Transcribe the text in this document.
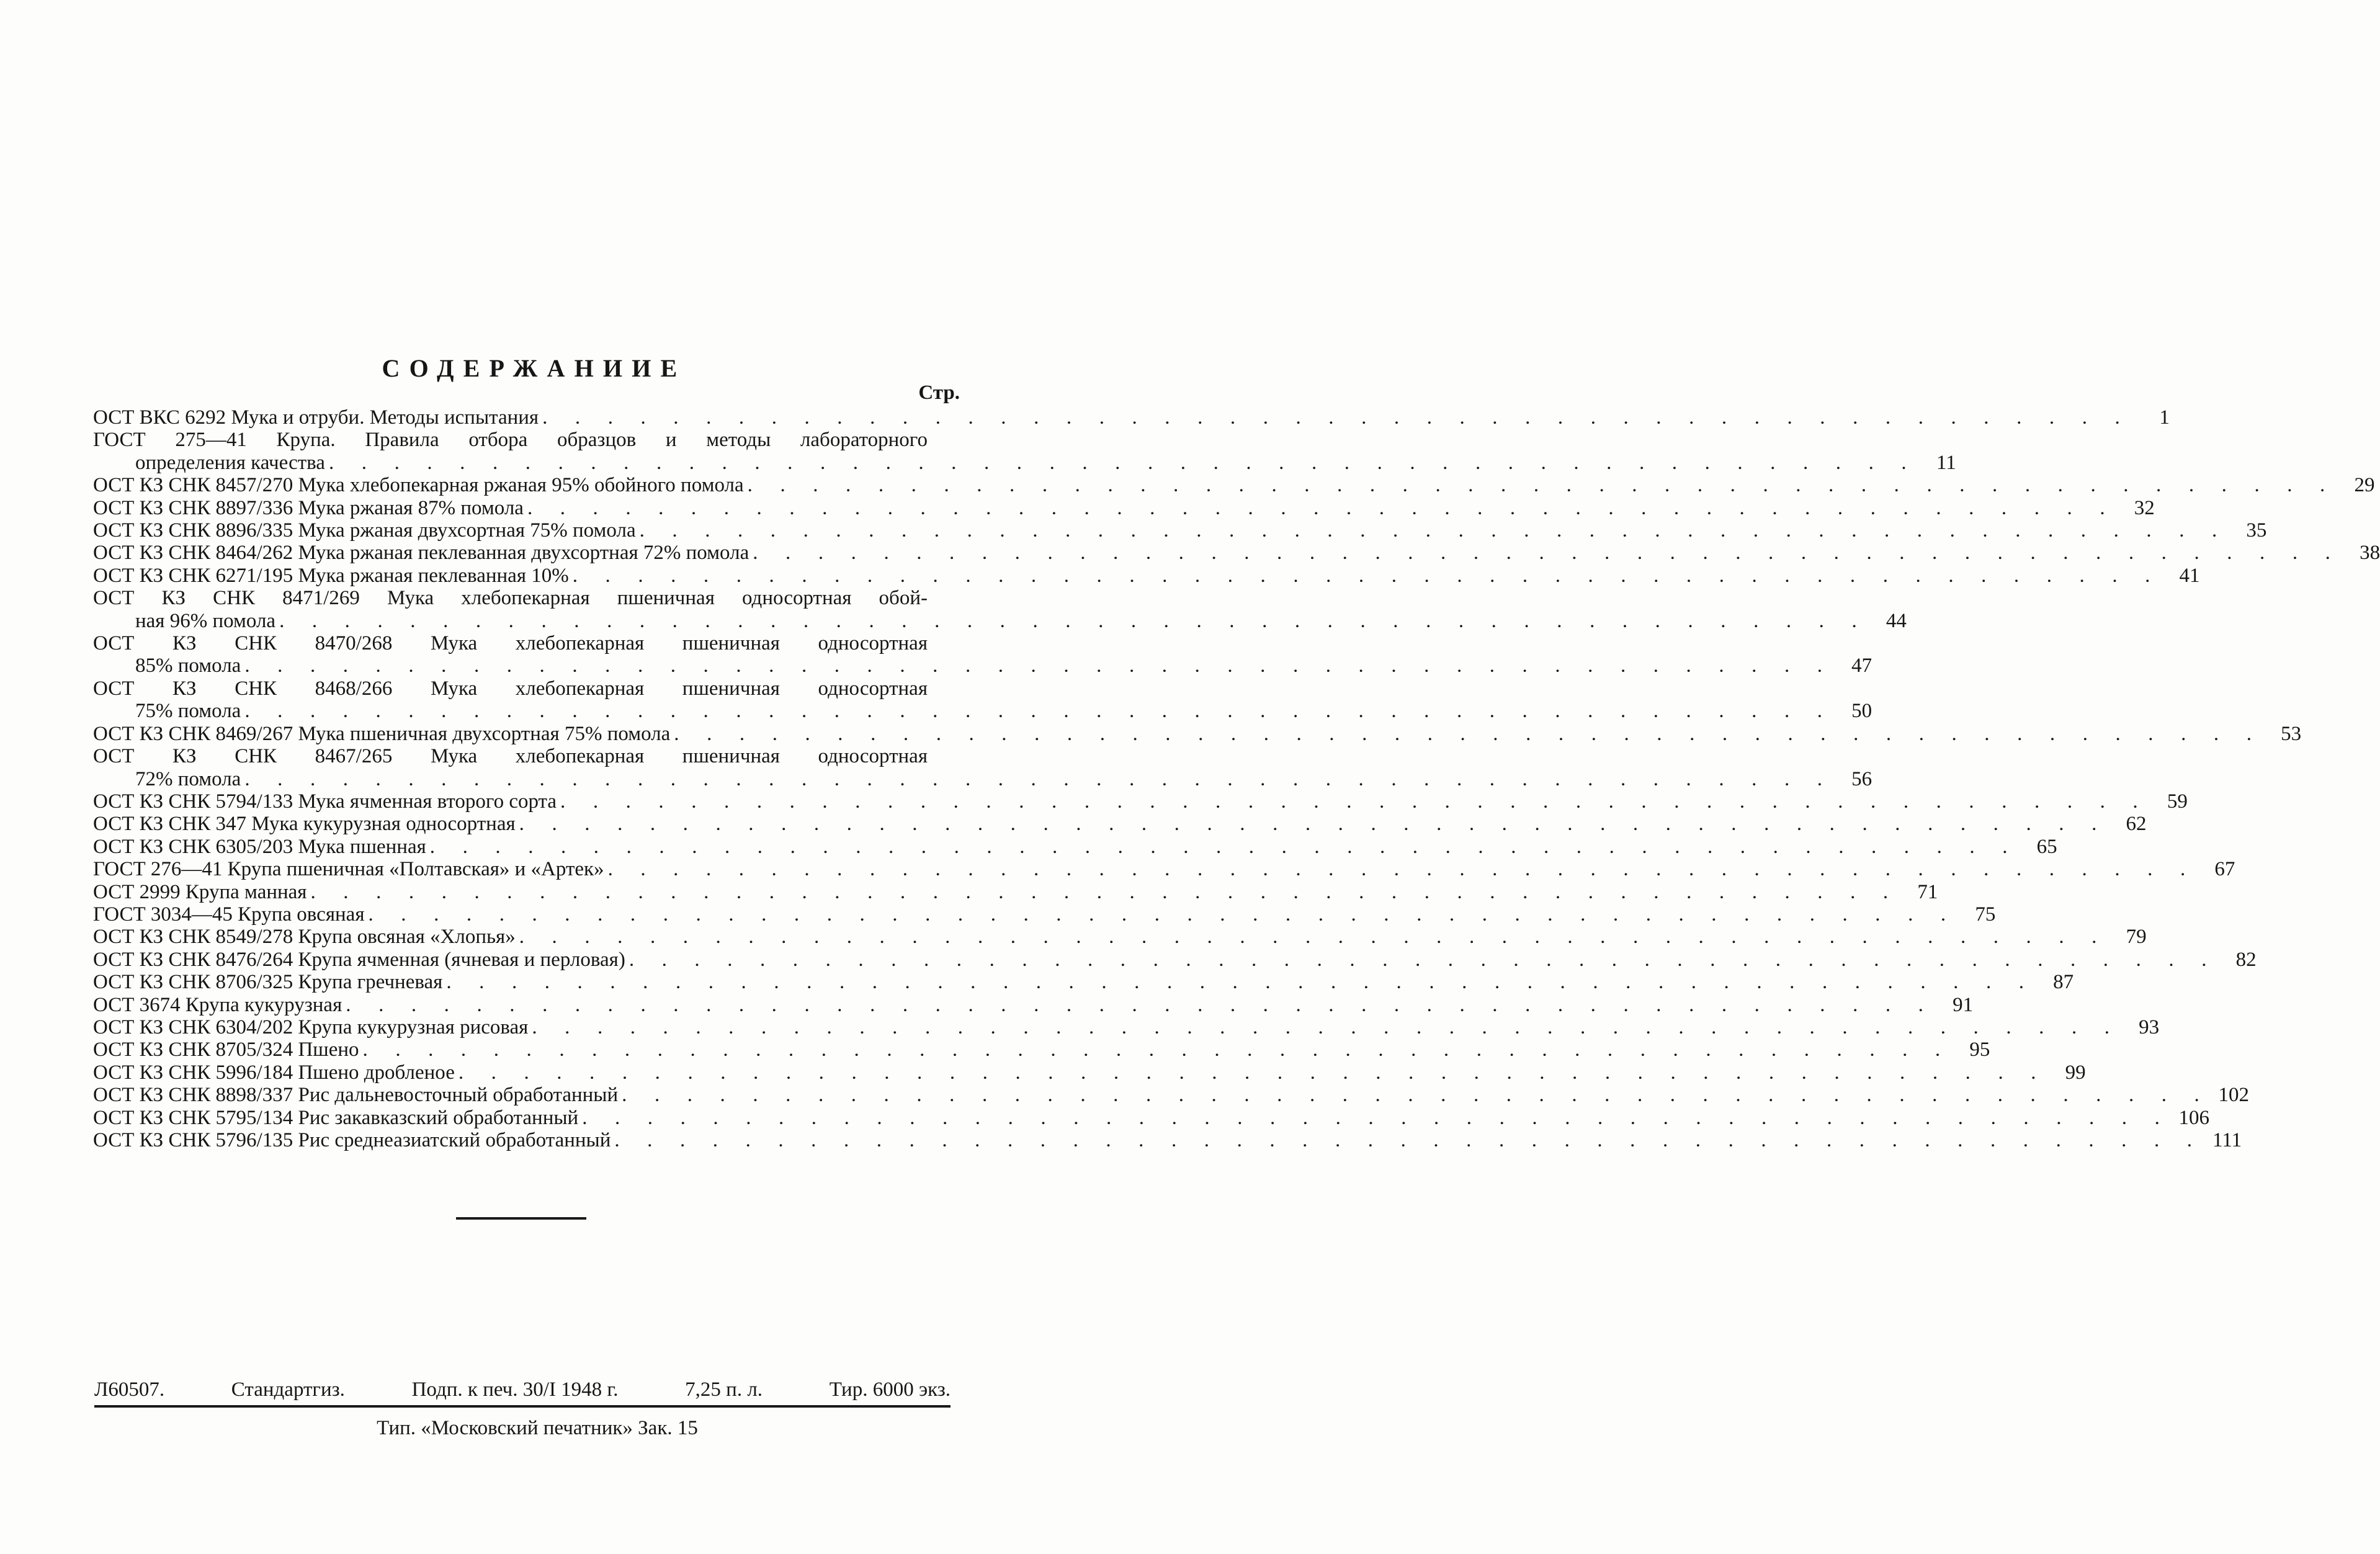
СОДЕРЖАНИИЕ
Стр.
ОСТ ВКС 6292 Мука и отруби. Методы испытания . . . . . . . . . . . . . . . . . . . . . . . . . . . . . . . . . . . . . . . . . . . . . . . . .	1
ГОСТ 275—41 Крупа. Правила отбора образцов и методы лабораторного
определения качества . . . . . . . . . . . . . . . . . . . . . . . . . . . . . . . . . . . . . . . . . . . . . . . . . 11
ОСТ КЗ СНК 8457/270 Мука хлебопекарная ржаная 95% обойного помола . . . . . . . . . . . . . . . . . . . . . . . . . . . . . . . . . . . . . . . . . . . . . . . . . 29
ОСТ КЗ СНК 8897/336 Мука ржаная 87% помола . . . . . . . . . . . . . . . . . . . . . . . . . . . . . . . . . . . . . . . . . . . . . . . . . 32
ОСТ КЗ СНК 8896/335 Мука ржаная двухсортная 75% помола . . . . . . . . . . . . . . . . . . . . . . . . . . . . . . . . . . . . . . . . . . . . . . . . . 35
ОСТ КЗ СНК 8464/262 Мука ржаная пеклеванная двухсортная 72% помола . . . . . . . . . . . . . . . . . . . . . . . . . . . . . . . . . . . . . . . . . . . . . . . . . 38
ОСТ КЗ СНК 6271/195 Мука ржаная пеклеванная 10% . . . . . . . . . . . . . . . . . . . . . . . . . . . . . . . . . . . . . . . . . . . . . . . . . 41
ОСТ КЗ СНК 8471/269 Мука хлебопекарная пшеничная односортная обой-
ная 96% помола . . . . . . . . . . . . . . . . . . . . . . . . . . . . . . . . . . . . . . . . . . . . . . . . . 44
ОСТ КЗ СНК 8470/268 Мука хлебопекарная пшеничная односортная
85% помола . . . . . . . . . . . . . . . . . . . . . . . . . . . . . . . . . . . . . . . . . . . . . . . . . 47
ОСТ КЗ СНК 8468/266 Мука хлебопекарная пшеничная односортная
75% помола . . . . . . . . . . . . . . . . . . . . . . . . . . . . . . . . . . . . . . . . . . . . . . . . . 50
ОСТ КЗ СНК 8469/267 Мука пшеничная двухсортная 75% помола . . . . . . . . . . . . . . . . . . . . . . . . . . . . . . . . . . . . . . . . . . . . . . . . . 53
ОСТ КЗ СНК 8467/265 Мука хлебопекарная пшеничная односортная
72% помола . . . . . . . . . . . . . . . . . . . . . . . . . . . . . . . . . . . . . . . . . . . . . . . . . 56
ОСТ КЗ СНК 5794/133 Мука ячменная второго сорта . . . . . . . . . . . . . . . . . . . . . . . . . . . . . . . . . . . . . . . . . . . . . . . . . 59
ОСТ КЗ СНК 347 Мука кукурузная односортная . . . . . . . . . . . . . . . . . . . . . . . . . . . . . . . . . . . . . . . . . . . . . . . . . 62
ОСТ КЗ СНК 6305/203 Мука пшенная . . . . . . . . . . . . . . . . . . . . . . . . . . . . . . . . . . . . . . . . . . . . . . . . . 65
ГОСТ 276—41 Крупа пшеничная «Полтавская» и «Артек» . . . . . . . . . . . . . . . . . . . . . . . . . . . . . . . . . . . . . . . . . . . . . . . . . 67
ОСТ 2999 Крупа манная . . . . . . . . . . . . . . . . . . . . . . . . . . . . . . . . . . . . . . . . . . . . . . . . . 71
ГОСТ 3034—45 Крупа овсяная . . . . . . . . . . . . . . . . . . . . . . . . . . . . . . . . . . . . . . . . . . . . . . . . . 75
ОСТ КЗ СНК 8549/278 Крупа овсяная «Хлопья» . . . . . . . . . . . . . . . . . . . . . . . . . . . . . . . . . . . . . . . . . . . . . . . . . 79
ОСТ КЗ СНК 8476/264 Крупа ячменная (ячневая и перловая) . . . . . . . . . . . . . . . . . . . . . . . . . . . . . . . . . . . . . . . . . . . . . . . . . 82
ОСТ КЗ СНК 8706/325 Крупа гречневая . . . . . . . . . . . . . . . . . . . . . . . . . . . . . . . . . . . . . . . . . . . . . . . . . 87
ОСТ 3674 Крупа кукурузная . . . . . . . . . . . . . . . . . . . . . . . . . . . . . . . . . . . . . . . . . . . . . . . . . 91
ОСТ КЗ СНК 6304/202 Крупа кукурузная рисовая . . . . . . . . . . . . . . . . . . . . . . . . . . . . . . . . . . . . . . . . . . . . . . . . . 93
ОСТ КЗ СНК 8705/324 Пшено . . . . . . . . . . . . . . . . . . . . . . . . . . . . . . . . . . . . . . . . . . . . . . . . . 95
ОСТ КЗ СНК 5996/184 Пшено дробленое . . . . . . . . . . . . . . . . . . . . . . . . . . . . . . . . . . . . . . . . . . . . . . . . . 99
ОСТ КЗ СНК 8898/337 Рис дальневосточный обработанный . . . . . . . . . . . . . . . . . . . . . . . . . . . . . . . . . . . . . . . . . . . . . . . . . 102
ОСТ КЗ СНК 5795/134 Рис закавказский обработанный . . . . . . . . . . . . . . . . . . . . . . . . . . . . . . . . . . . . . . . . . . . . . . . . . 106
ОСТ КЗ СНК 5796/135 Рис среднеазиатский обработанный . . . . . . . . . . . . . . . . . . . . . . . . . . . . . . . . . . . . . . . . . . . . . . . . . 111
Л60507.	Стандартгиз.	Подп. к печ. 30/I 1948 г.	7,25 п. л.	Тир. 6000 экз.
Тип. «Московский печатник» Зак. 15
